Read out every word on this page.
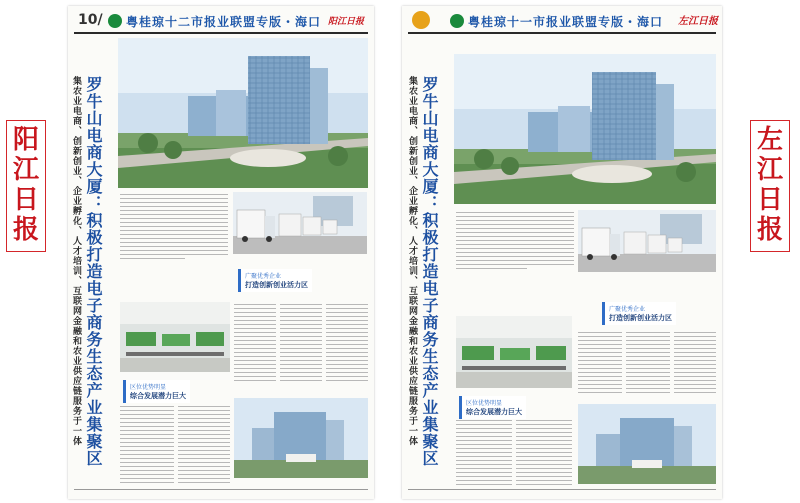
阳
江
日
报
左
江
日
报
10/ 粤桂琼十二市报业联盟专版・海口 阳江日报
罗牛山电商大厦：积极打造电子商务生态产业集聚区
集农业电商、创新创业、企业孵化、人才培训、互联网金融和农业供应链服务于一体	广聚优秀企业
打造创新创业活力区
区位优势明显
综合发展潜力巨大
粤桂琼十一市报业联盟专版・海口 左江日报
罗牛山电商大厦：积极打造电子商务生态产业集聚区
集农业电商、创新创业、企业孵化、人才培训、互联网金融和农业供应链服务于一体	广聚优秀企业
打造创新创业活力区
区位优势明显
综合发展潜力巨大
